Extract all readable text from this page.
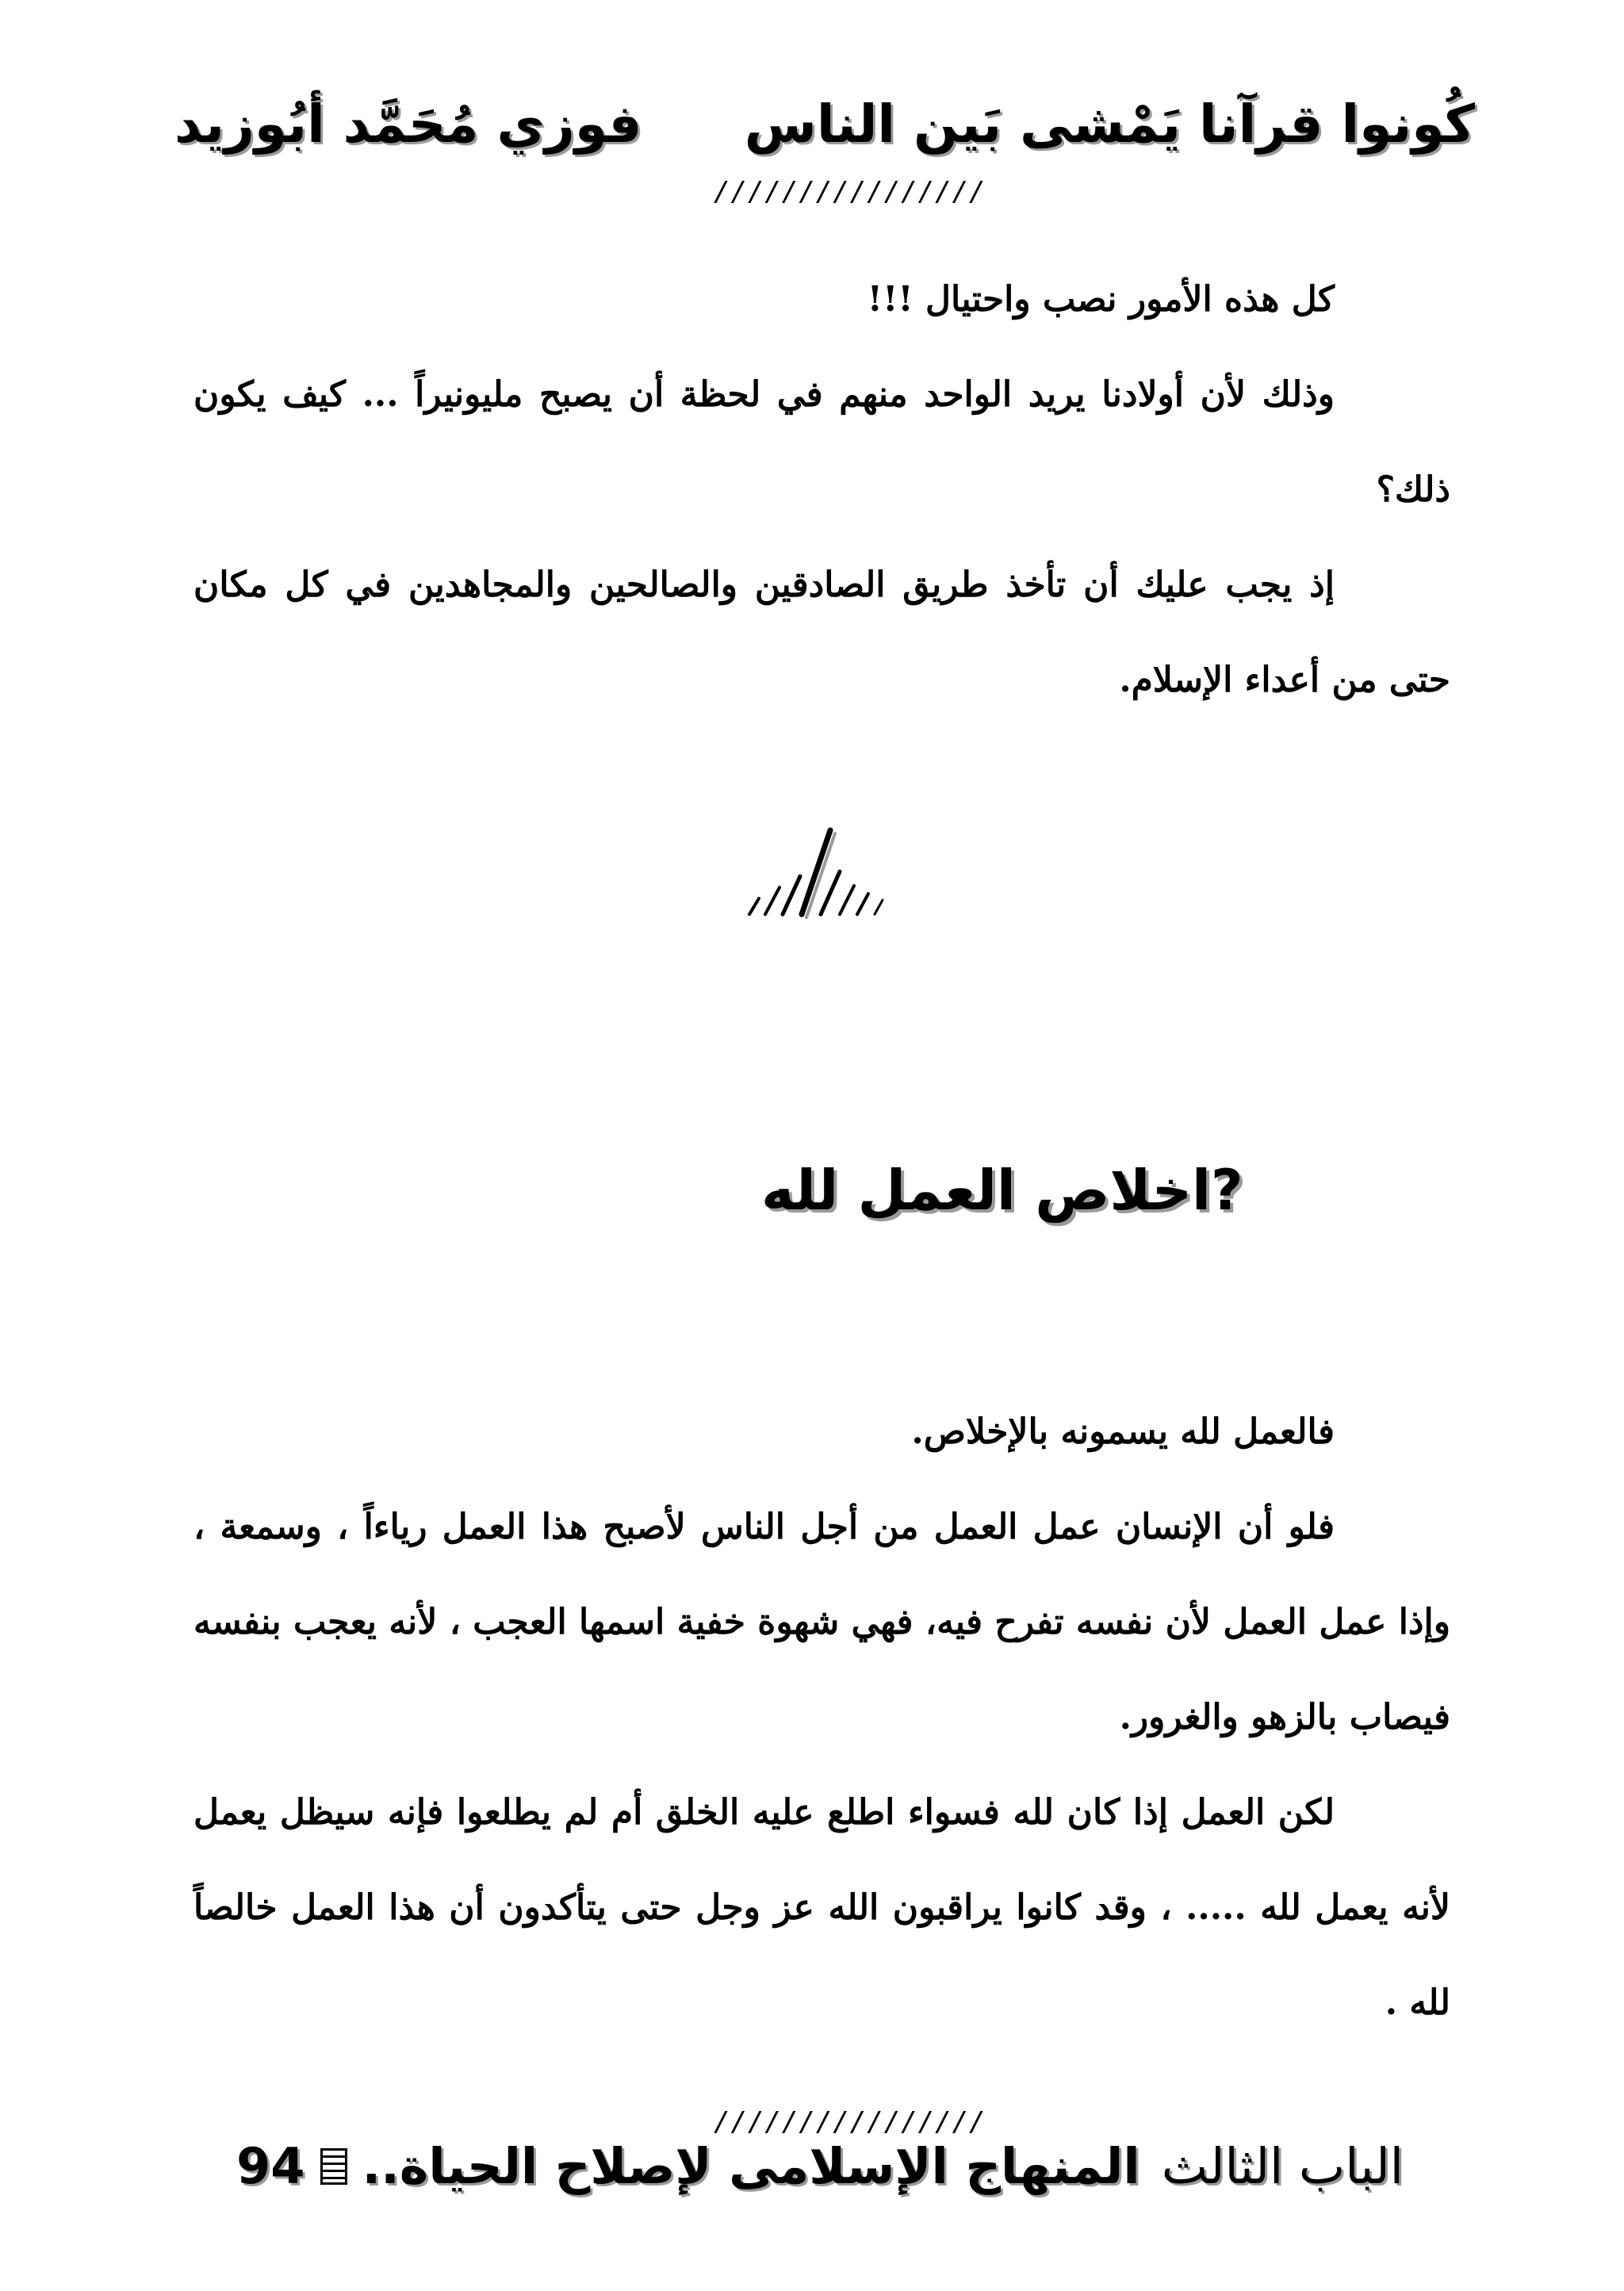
كُونوا قرآنا يَمْشى بَين الناس
فوزي مُحَمَّد أبُوزيد
////////////////

كل هذه الأمور نصب واحتيال !!!

وذلك لأن أولادنا يريد الواحد منهم في لحظة أن يصبح مليونيراً ... كيف يكون ذلك؟

إذ يجب عليك أن تأخذ طريق الصادقين والصالحين والمجاهدين في كل مكان حتى من أعداء الإسلام.

?اخلاص العمل لله

فالعمل لله يسمونه بالإخلاص.

فلو أن الإنسان عمل العمل من أجل الناس لأصبح هذا العمل رياءاً ، وسمعة ، وإذا عمل العمل لأن نفسه تفرح فيه، فهي شهوة خفية اسمها العجب ، لأنه يعجب بنفسه فيصاب بالزهو والغرور.

لكن العمل إذا كان لله فسواء اطلع عليه الخلق أم لم يطلعوا فإنه سيظل يعمل لأنه يعمل لله ..... ، وقد كانوا يراقبون الله عز وجل حتى يتأكدون أن هذا العمل خالصاً لله .

////////////////
الباب الثالث المنهاج الإسلامى لإصلاح الحياة..  94
